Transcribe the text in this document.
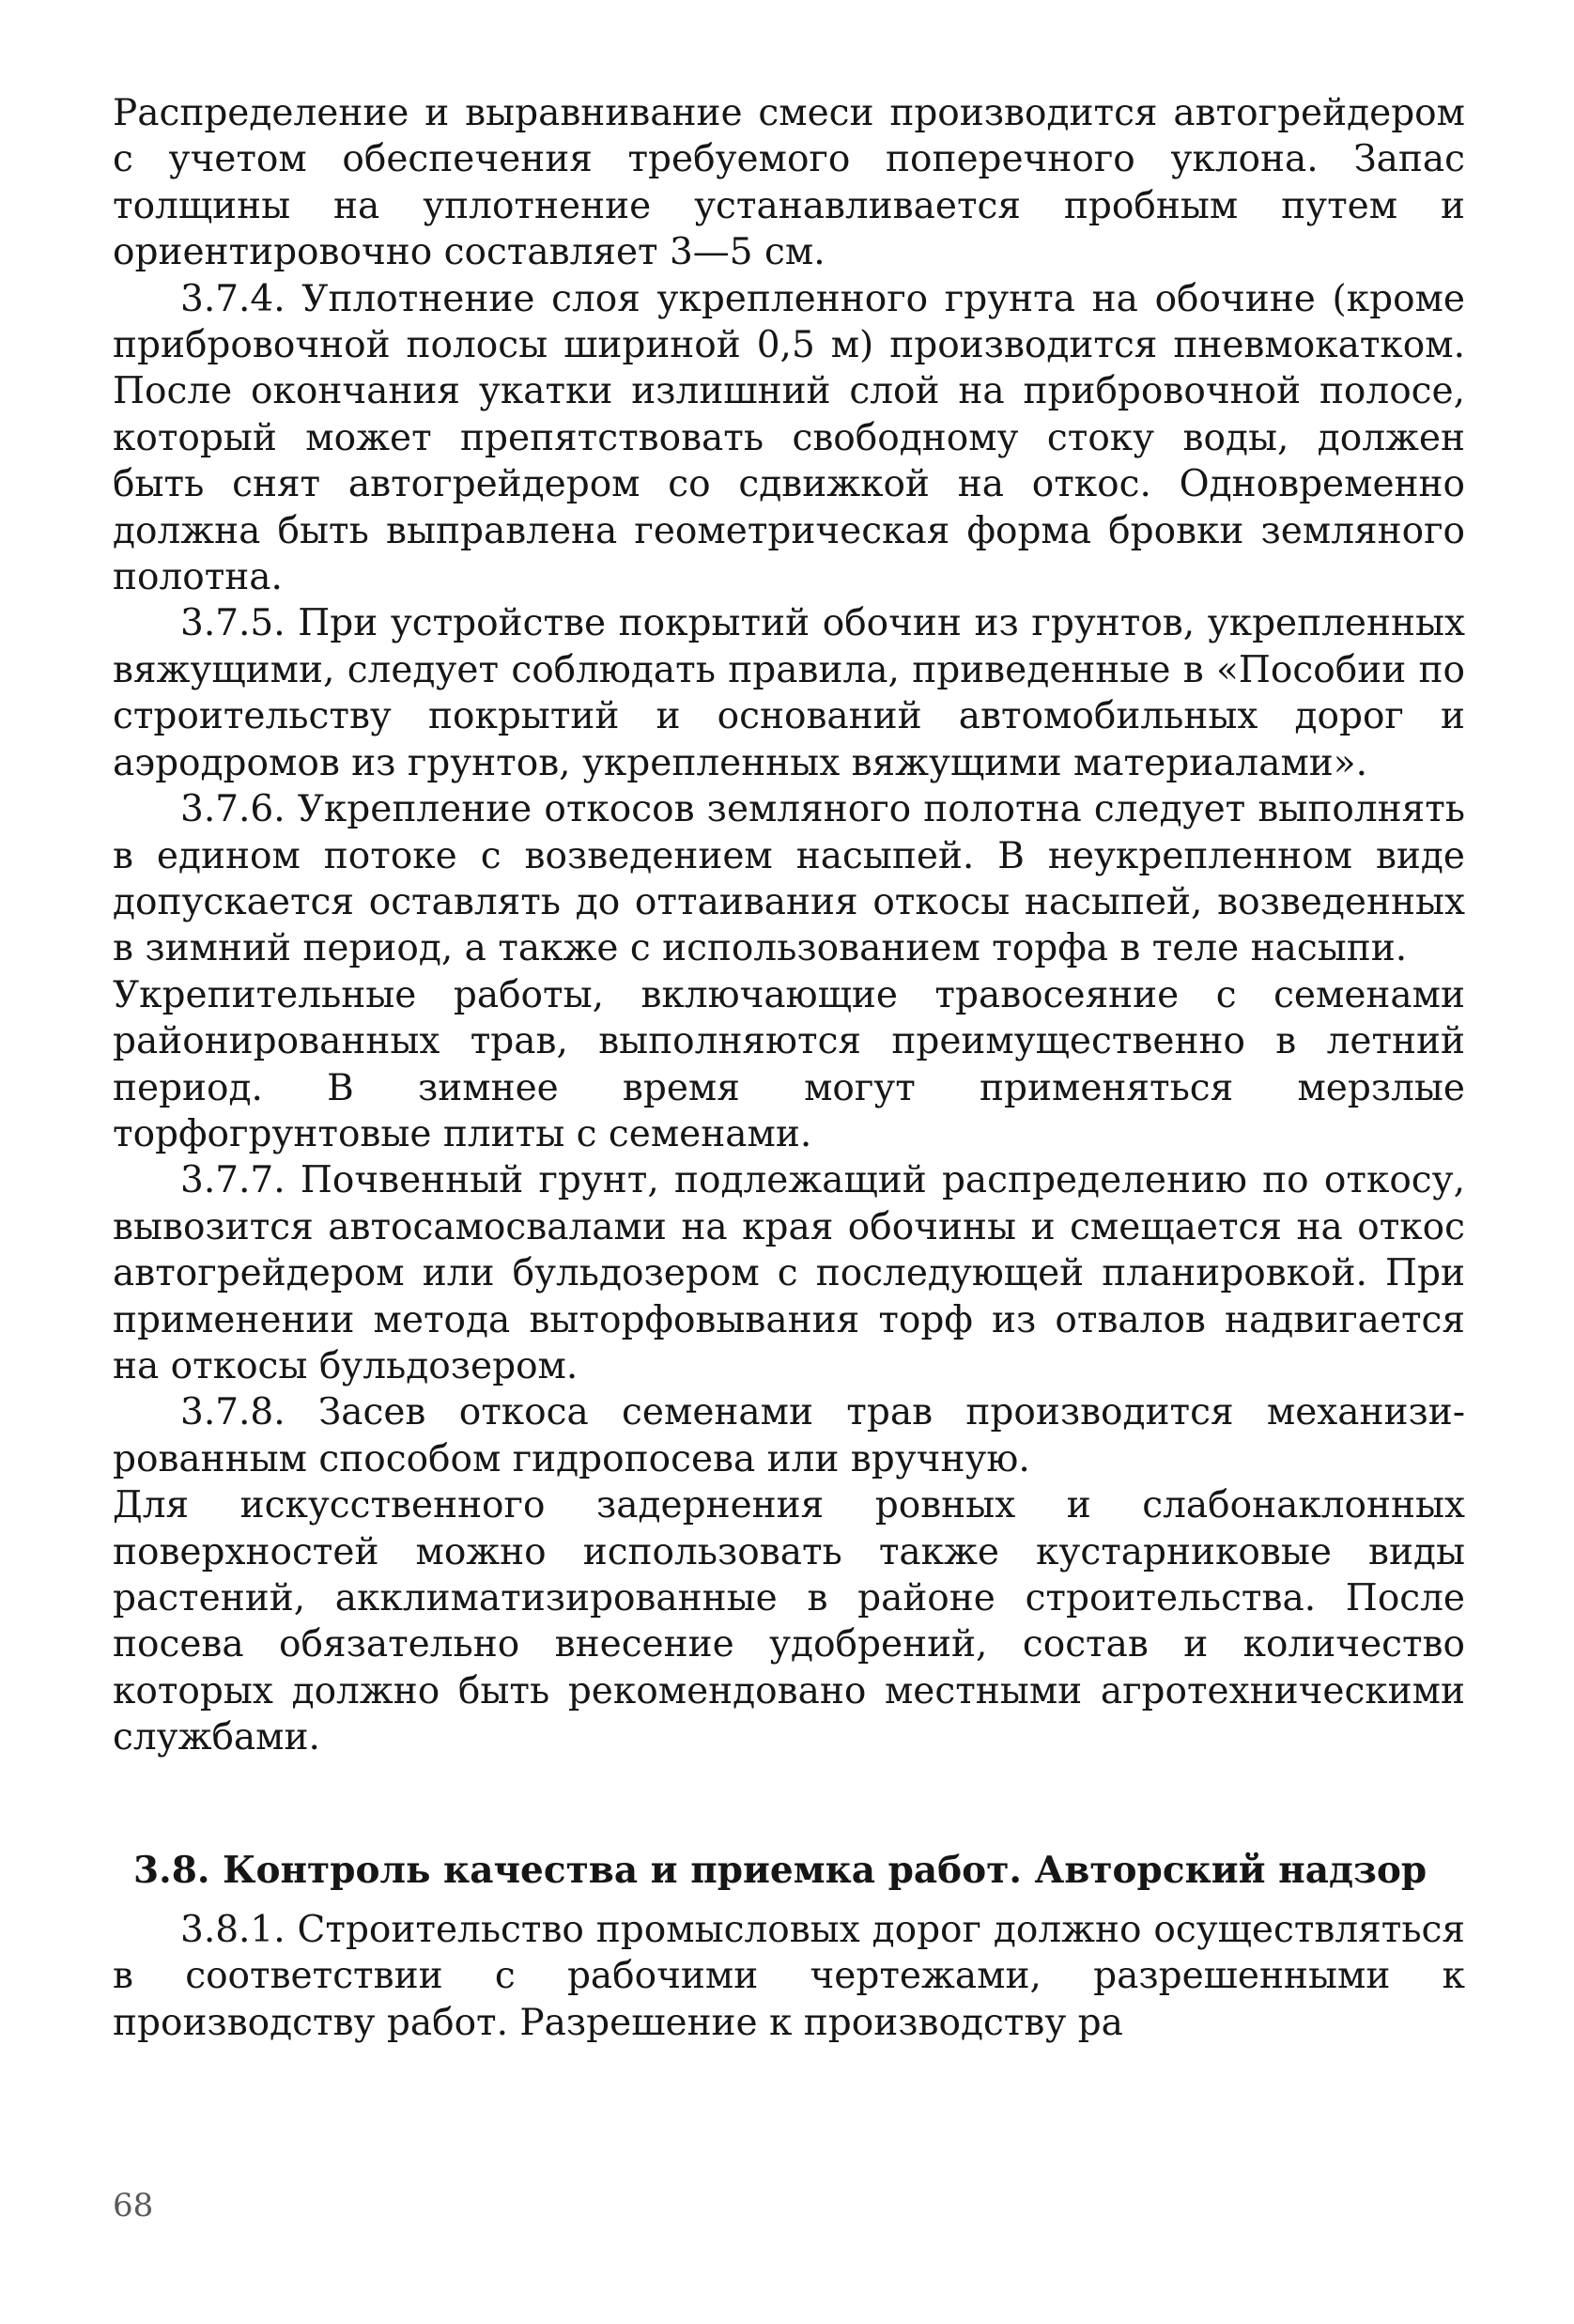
Распределение и выравнивание смеси производится автогрейдером с учетом обеспечения требуемого поперечного уклона. Запас толщины на уплотнение устанавливается пробным путем и ориентировочно составляет 3—5 см.

3.7.4. Уплотнение слоя укрепленного грунта на обочине (кроме прибровочной полосы шириной 0,5 м) производится пневмокатком. После окончания укатки излишний слой на прибровочной полосе, который может препятствовать свободному стоку воды, должен быть снят автогрейдером со сдвижкой на откос. Одновременно должна быть выправлена геометрическая форма бровки земляного полотна.

3.7.5. При устройстве покрытий обочин из грунтов, укрепленных вяжущими, следует соблюдать правила, приведенные в «Пособии по строительству покрытий и оснований автомобильных дорог и аэродромов из грунтов, укрепленных вяжущими материалами».

3.7.6. Укрепление откосов земляного полотна следует выполнять в едином потоке с возведением насыпей. В неукрепленном виде допускается оставлять до оттаивания откосы насыпей, возведенных в зимний период, а также с использованием торфа в теле насыпи.

Укрепительные работы, включающие травосеяние с семенами районированных трав, выполняются преимущественно в летний период. В зимнее время могут применяться мерзлые торфогрунтовые плиты с семенами.

3.7.7. Почвенный грунт, подлежащий распределению по откосу, вывозится автосамосвалами на края обочины и смещается на откос автогрейдером или бульдозером с последующей планировкой. При применении метода выторфовывания торф из отвалов надвигается на откосы бульдозером.

3.7.8. Засев откоса семенами трав производится механизированным способом гидропосева или вручную.

Для искусственного задернения ровных и слабонаклонных поверхностей можно использовать также кустарниковые виды растений, акклиматизированные в районе строительства. После посева обязательно внесение удобрений, состав и количество которых должно быть рекомендовано местными агротехническими службами.

3.8. Контроль качества и приемка работ. Авторский надзор

3.8.1. Строительство промысловых дорог должно осуществляться в соответствии с рабочими чертежами, разрешенными к производству работ. Разрешение к производству ра

68
